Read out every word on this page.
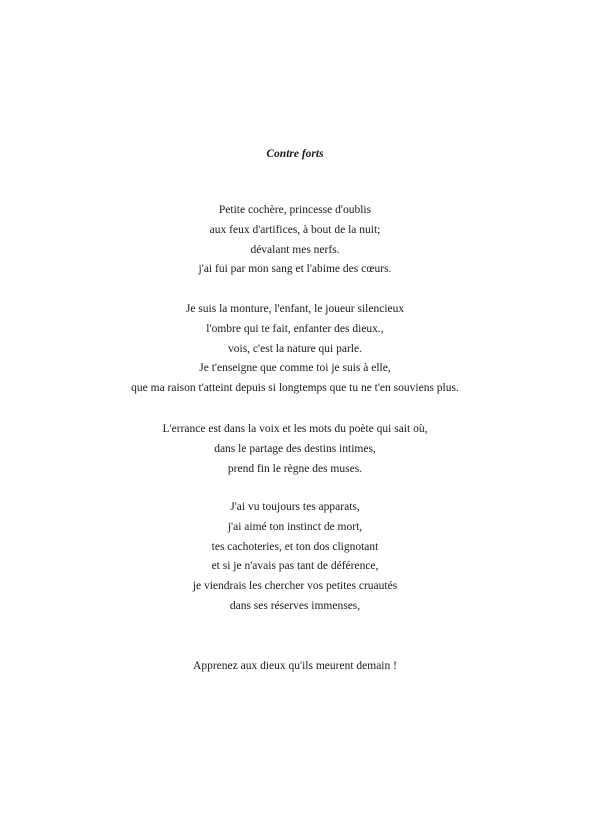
Contre forts
Petite cochère, princesse d'oublis
aux feux d'artifices, à bout de la nuit;
dévalant mes nerfs.
j'ai fui par mon sang et l'abime des cœurs.
Je suis la monture, l'enfant, le joueur silencieux
l'ombre qui te fait, enfanter des dieux.,
vois, c'est la nature qui parle.
Je t'enseigne que comme toi je suis à elle,
que ma raison t'atteint depuis si longtemps que tu ne t'en souviens plus.
L'errance est dans la voix et les mots du poète qui sait où,
dans le partage des destins intimes,
prend fin le règne des muses.
J'ai vu toujours tes apparats,
j'ai aimé ton instinct de mort,
tes cachoteries, et ton dos clignotant
et si je n'avais pas tant de déférence,
je viendrais les chercher vos petites cruautés
dans ses réserves immenses,
Apprenez aux dieux qu'ils meurent demain !
